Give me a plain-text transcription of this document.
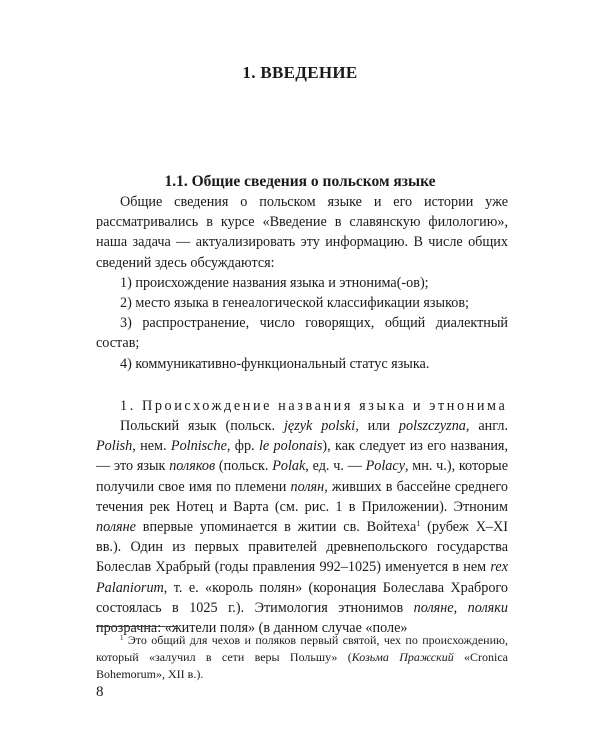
1. ВВЕДЕНИЕ
1.1. Общие сведения о польском языке

Общие сведения о польском языке и его истории уже рассматривались в курсе «Введение в славянскую филологию», наша задача — актуализировать эту информацию. В числе общих сведений здесь обсуждаются:

1) происхождение названия языка и этнонима(-ов);

2) место языка в генеалогической классификации языков;

3) распространение, число говорящих, общий диалектный состав;

4) коммуникативно-функциональный статус языка.

1. Происхождение названия языка и этнонима

Польский язык (польск. język polski, или polszczyzna, англ. Polish, нем. Polnische, фр. le polonais), как следует из его названия, — это язык поляков (польск. Polak, ед. ч. — Polacy, мн. ч.), которые получили свое имя по племени полян, живших в бассейне среднего течения рек Нотец и Варта (см. рис. 1 в Приложении). Этноним поляне впервые упоминается в житии св. Войтеха$^1$ (рубеж X–XI вв.). Один из первых правителей древнепольского государства Болеслав Храбрый (годы правления 992–1025) именуется в нем rex Palaniorum, т. е. «король полян» (коронация Болеслава Храброго состоялась в 1025 г.). Этимология этнонимов поляне, поляки прозрачна: «жители поля» (в данном случае «поле»

$^1$ Это общий для чехов и поляков первый святой, чех по происхождению, который «залучил в сети веры Польшу» (Козьма Пражский «Cronica Bohemorum», XII в.).
8
